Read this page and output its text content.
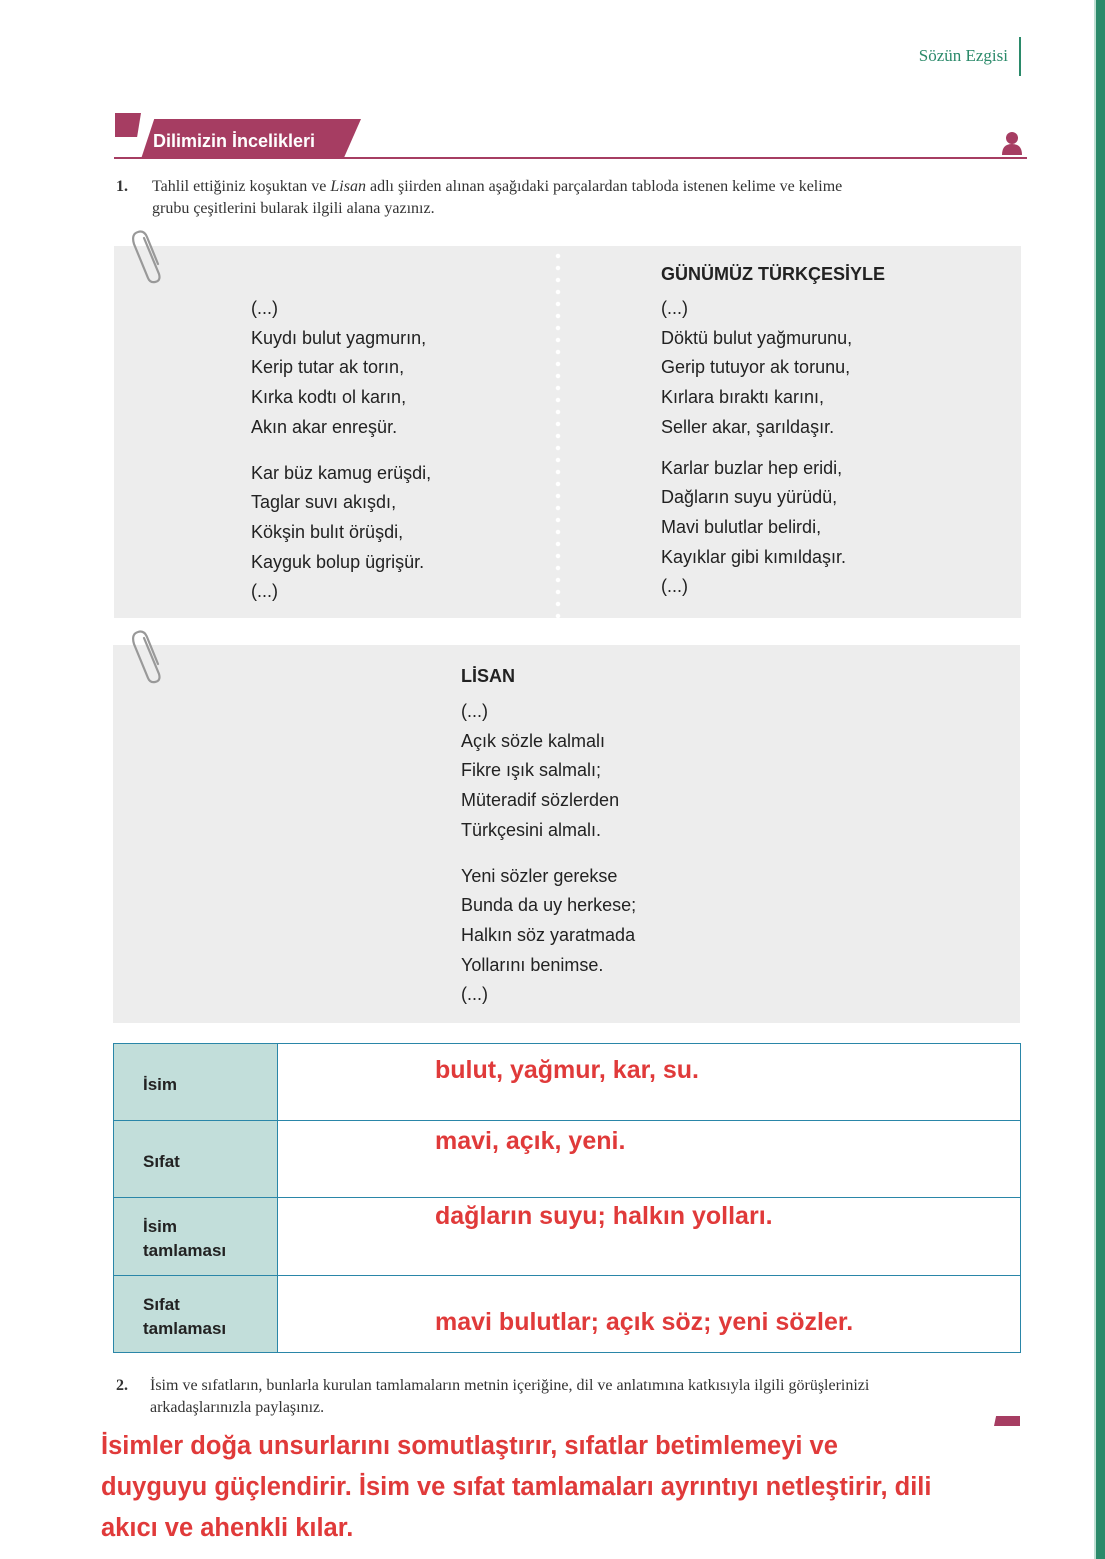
Sözün Ezgisi
Dilimizin İncelikleri
1. Tahlil ettiğiniz koşuktan ve Lisan adlı şiirden alınan aşağıdaki parçalardan tabloda istenen kelime ve kelime
grubu çeşitlerini bularak ilgili alana yazınız.
(...)
Kuydı bulut yagmurın,
Kerip tutar ak torın,
Kırka kodtı ol karın,
Akın akar enreşür.
Kar büz kamug erüşdi,
Taglar suvı akışdı,
Kökşin bulıt örüşdi,
Kayguk bolup ügrişür.
(...)
GÜNÜMÜZ TÜRKÇESİYLE
(...)
Döktü bulut yağmurunu,
Gerip tutuyor ak torunu,
Kırlara bıraktı karını,
Seller akar, şarıldaşır.
Karlar buzlar hep eridi,
Dağların suyu yürüdü,
Mavi bulutlar belirdi,
Kayıklar gibi kımıldaşır.
(...)
LİSAN
(...)
Açık sözle kalmalı
Fikre ışık salmalı;
Müteradif sözlerden
Türkçesini almalı.
Yeni sözler gerekse
Bunda da uy herkese;
Halkın söz yaratmada
Yollarını benimse.
(...)
İsim	bulut, yağmur, kar, su.

Sıfat	mavi, açık, yeni.

İsim
tamlaması	dağların suyu; halkın yolları.

Sıfat
tamlaması	mavi bulutlar; açık söz; yeni sözler.
2. İsim ve sıfatların, bunlarla kurulan tamlamaların metnin içeriğine, dil ve anlatımına katkısıyla ilgili görüşlerinizi
arkadaşlarınızla paylaşınız.
İsimler doğa unsurlarını somutlaştırır, sıfatlar betimlemeyi ve
duyguyu güçlendirir. İsim ve sıfat tamlamaları ayrıntıyı netleştirir, dili
akıcı ve ahenkli kılar.
